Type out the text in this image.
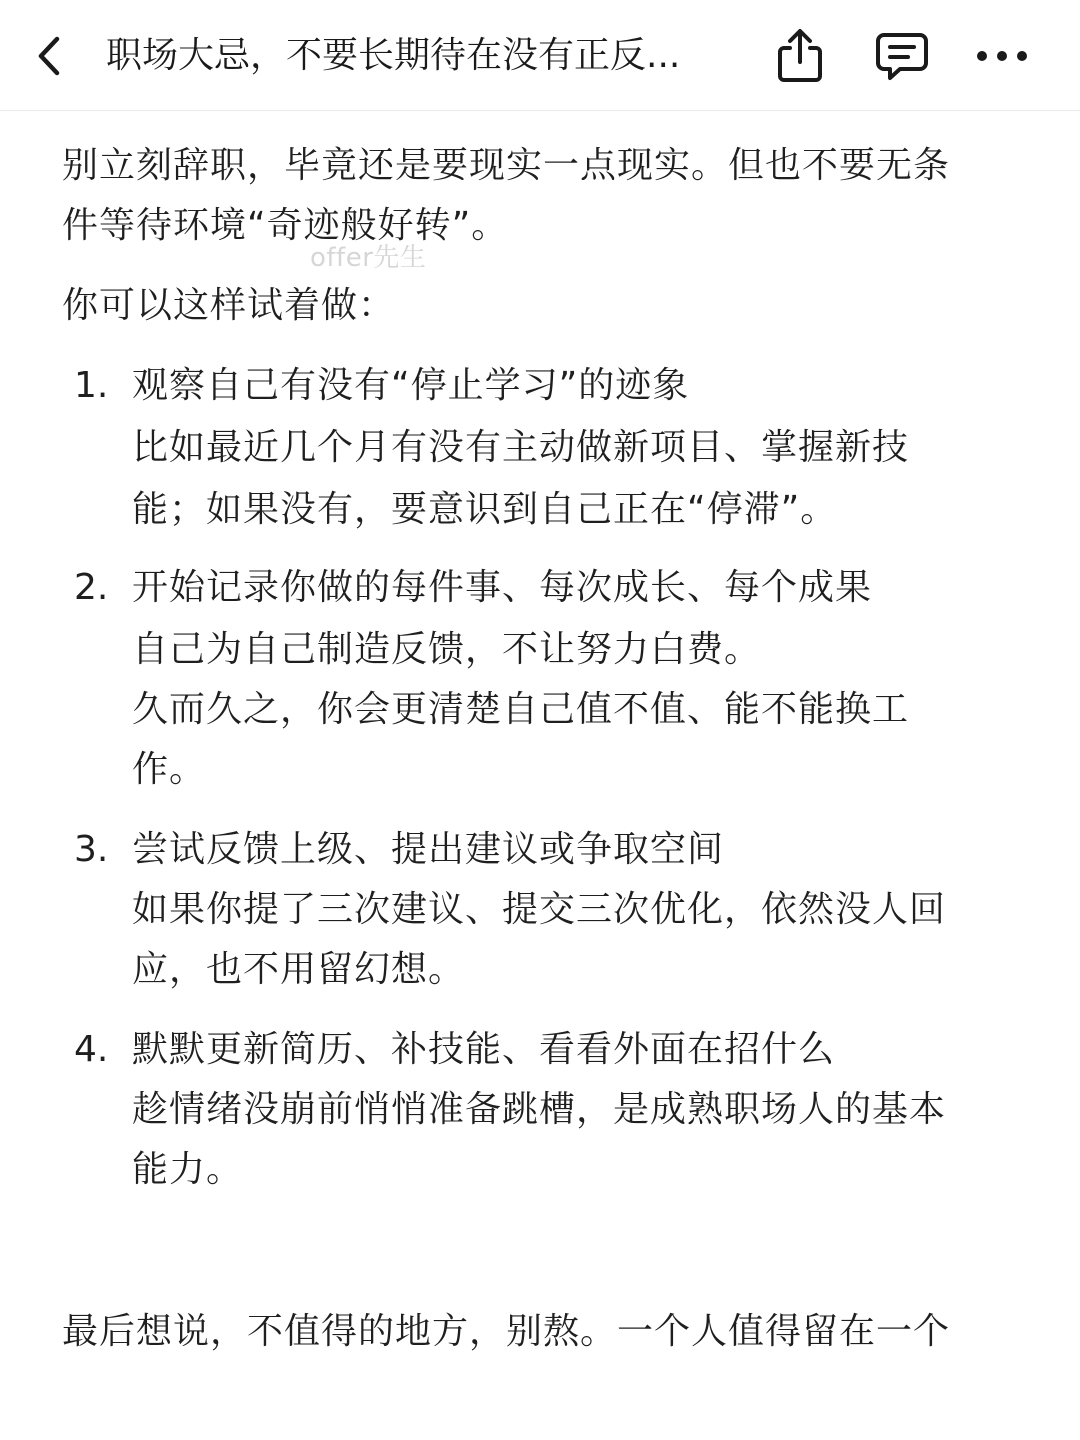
职场大忌，不要长期待在没有正反...
别立刻辞职，毕竟还是要现实一点现实。但也不要无条
件等待环境“奇迹般好转”。
offer先生
你可以这样试着做：
1. 观察自己有没有“停止学习”的迹象
比如最近几个月有没有主动做新项目、掌握新技
能；如果没有，要意识到自己正在“停滞”。
2. 开始记录你做的每件事、每次成长、每个成果
自己为自己制造反馈，不让努力白费。
久而久之，你会更清楚自己值不值、能不能换工
作。
3. 尝试反馈上级、提出建议或争取空间
如果你提了三次建议、提交三次优化，依然没人回
应，也不用留幻想。
4. 默默更新简历、补技能、看看外面在招什么
趁情绪没崩前悄悄准备跳槽，是成熟职场人的基本
能力。
最后想说，不值得的地方，别熬。一个人值得留在一个
